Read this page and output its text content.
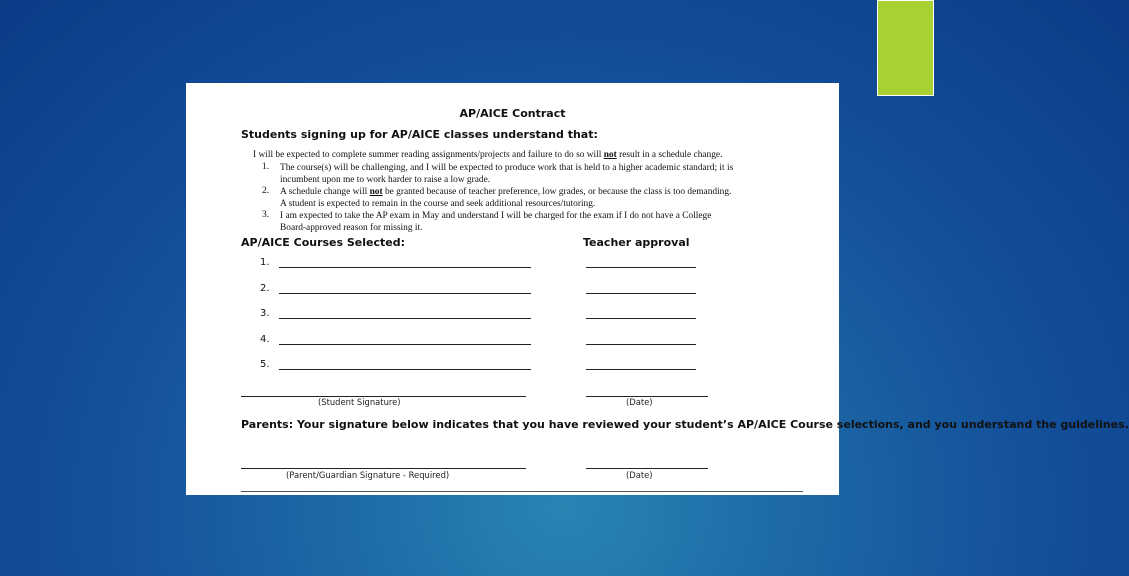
AP/AICE Contract
Students signing up for AP/AICE classes understand that:
I will be expected to complete summer reading assignments/projects and failure to do so will not result in a schedule change.
1. The course(s) will be challenging, and I will be expected to produce work that is held to a higher academic standard; it is
incumbent upon me to work harder to raise a low grade.
2. A schedule change will not be granted because of teacher preference, low grades, or because the class is too demanding.
A student is expected to remain in the course and seek additional resources/tutoring.
3. I am expected to take the AP exam in May and understand I will be charged for the exam if I do not have a College
Board-approved reason for missing it.
AP/AICE Courses Selected:	Teacher approval
1.
2.
3.
4.
5.
(Student Signature)	(Date)
Parents: Your signature below indicates that you have reviewed your student’s AP/AICE Course selections, and you understand the guidelines.
(Parent/Guardian Signature - Required)	(Date)
